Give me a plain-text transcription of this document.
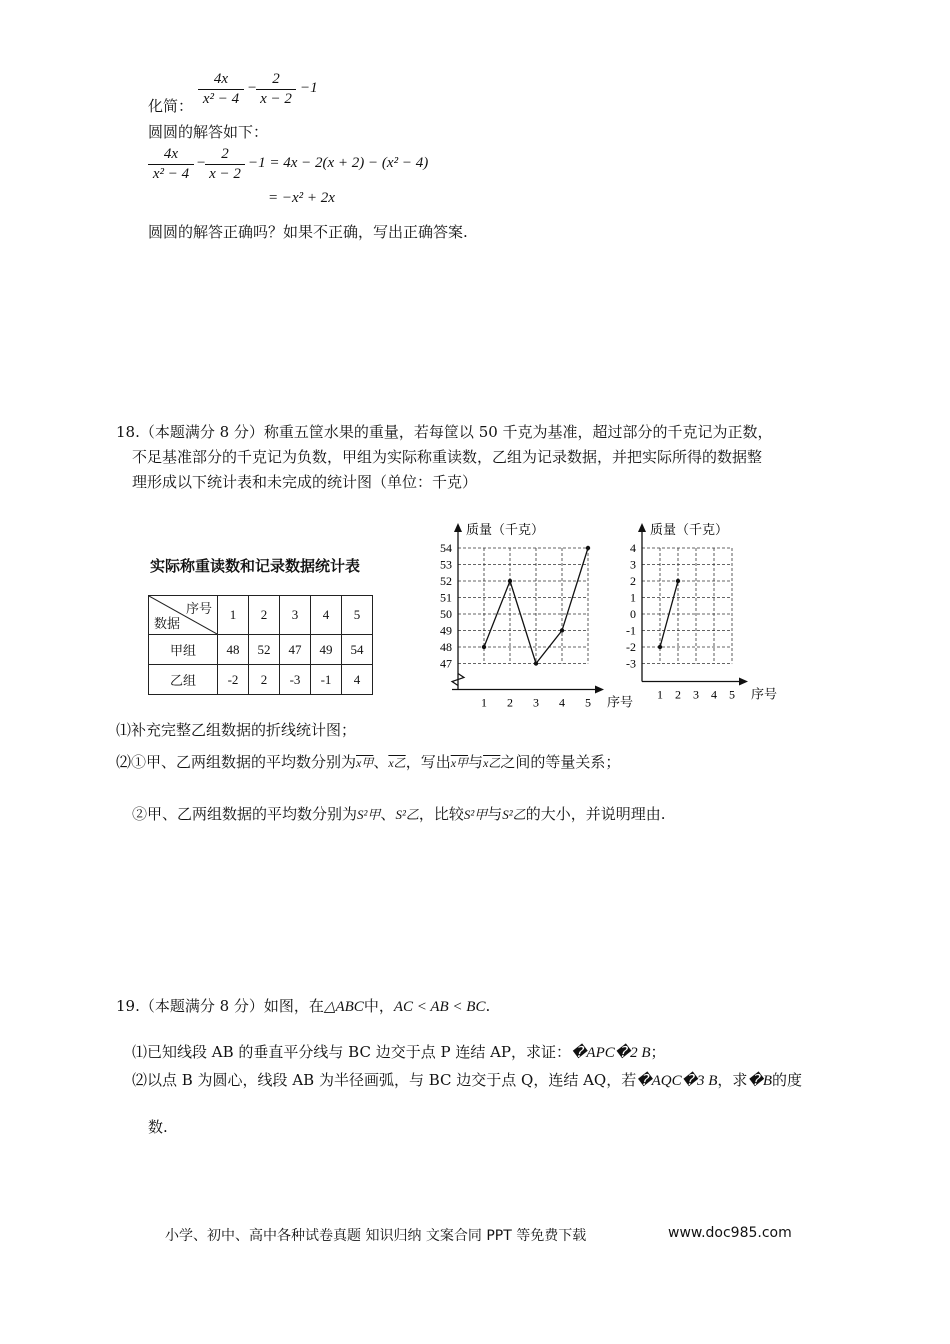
4x
x² − 4
−
2
x − 2
−1
化简：
圆圆的解答如下：
4x
x² − 4
−
2
x − 2
−1 = 4x − 2(x + 2) − (x² − 4)
= −x² + 2x
圆圆的解答正确吗？如果不正确，写出正确答案.
18.（本题满分 8 分）称重五筐水果的重量，若每筐以 50 千克为基准，超过部分的千克记为正数，
不足基准部分的千克记为负数，甲组为实际称重读数，乙组为记录数据，并把实际所得的数据整
理形成以下统计表和未完成的统计图（单位：千克）
实际称重读数和记录数据统计表
序号
数据	1	2	3	4	5
甲组	48	52	47	49	54
乙组	-2	2	-3	-1	4
47
48
49
50
51
52
53
54
1 2 3 4 5
质量（千克）
序号
-3
-2
-1
0
1
2
3
4
1 2 3 4 5
质量（千克）
序号
⑴补充完整乙组数据的折线统计图；
⑵①甲、乙两组数据的平均数分别为x甲、x乙，写出x甲与x乙之间的等量关系；
②甲、乙两组数据的平均数分别为S²甲、S²乙，比较S²甲与S²乙的大小，并说明理由.
19.（本题满分 8 分）如图，在△ABC中，AC < AB < BC.
⑴已知线段 AB 的垂直平分线与 BC 边交于点 P 连结 AP，求证：�APC�2 B；
⑵以点 B 为圆心，线段 AB 为半径画弧，与 BC 边交于点 Q，连结 AQ，若�AQC�3 B，求�B的度
数.
小学、初中、高中各种试卷真题 知识归纳 文案合同 PPT 等免费下载	www.doc985.com
